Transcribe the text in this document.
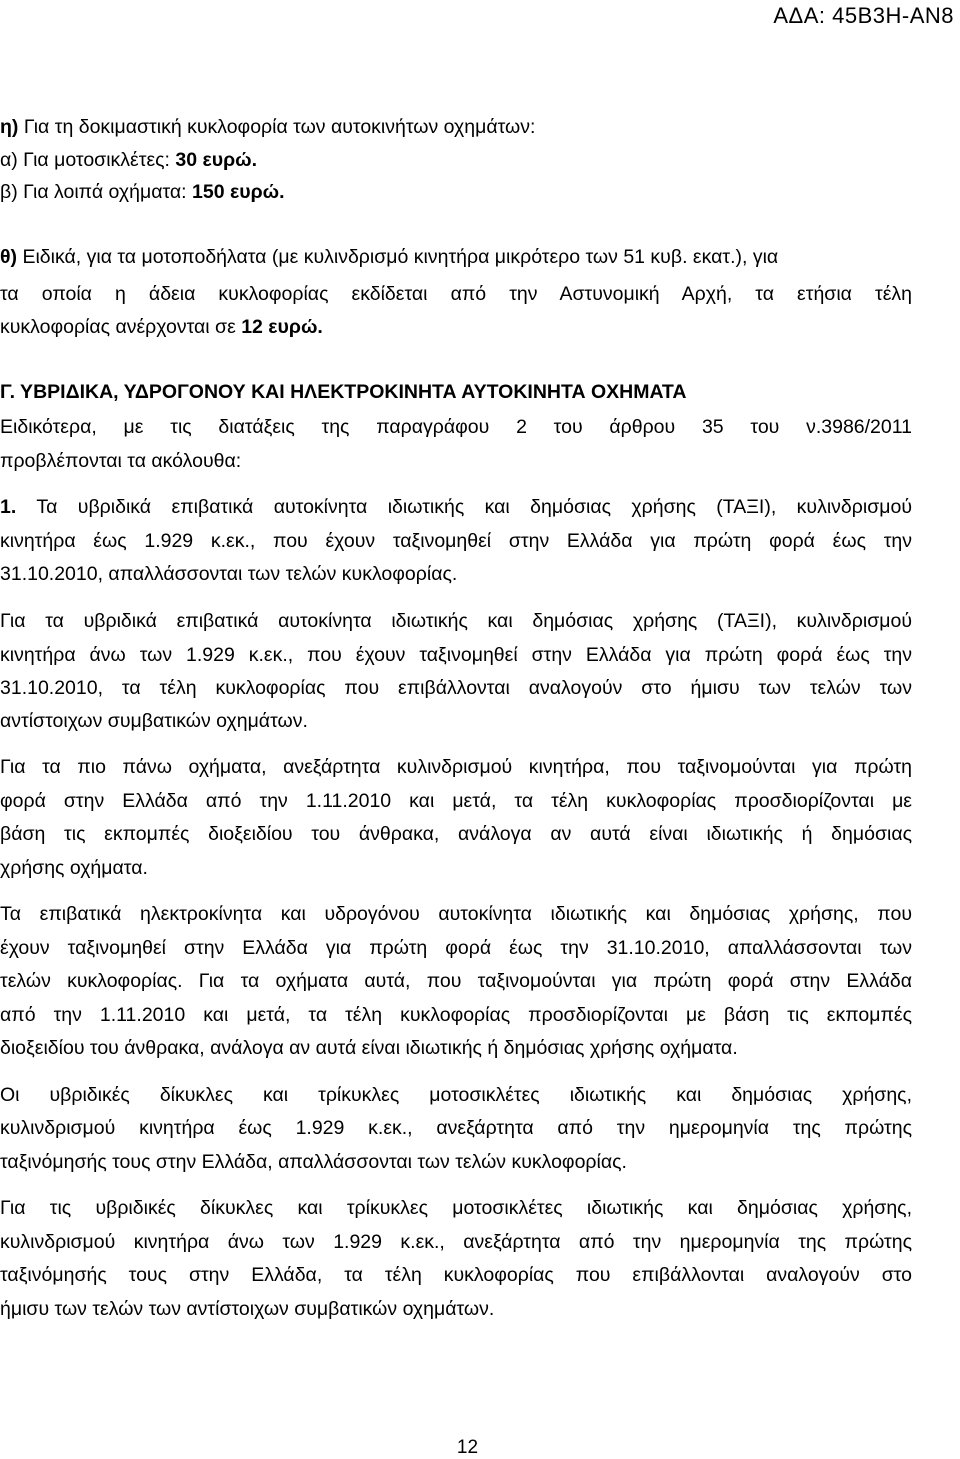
ΑΔΑ: 45Β3Η-ΑΝ8
η) Για τη δοκιμαστική κυκλοφορία των αυτοκινήτων οχημάτων:
α) Για μοτοσικλέτες: 30 ευρώ.
β) Για λοιπά οχήματα: 150 ευρώ.
θ) Ειδικά, για τα μοτοποδήλατα (με κυλινδρισμό κινητήρα μικρότερο των 51 κυβ. εκατ.), για
τα οποία η άδεια κυκλοφορίας εκδίδεται από την Αστυνομική Αρχή, τα ετήσια τέλη
κυκλοφορίας ανέρχονται σε 12 ευρώ.
Γ. ΥΒΡΙΔΙΚΑ, ΥΔΡΟΓΟΝΟΥ ΚΑΙ ΗΛΕΚΤΡΟΚΙΝΗΤΑ ΑΥΤΟΚΙΝΗΤΑ ΟΧΗΜΑΤΑ
Ειδικότερα, με τις διατάξεις της παραγράφου 2 του άρθρου 35 του ν.3986/2011
προβλέπονται τα ακόλουθα:
1. Τα υβριδικά επιβατικά αυτοκίνητα ιδιωτικής και δημόσιας χρήσης (ΤΑΞΙ), κυλινδρισμού
κινητήρα έως 1.929 κ.εκ., που έχουν ταξινομηθεί στην Ελλάδα για πρώτη φορά έως την
31.10.2010, απαλλάσσονται των τελών κυκλοφορίας.
Για τα υβριδικά επιβατικά αυτοκίνητα ιδιωτικής και δημόσιας χρήσης (ΤΑΞΙ), κυλινδρισμού
κινητήρα άνω των 1.929 κ.εκ., που έχουν ταξινομηθεί στην Ελλάδα για πρώτη φορά έως την
31.10.2010, τα τέλη κυκλοφορίας που επιβάλλονται αναλογούν στο ήμισυ των τελών των
αντίστοιχων συμβατικών οχημάτων.
Για τα πιο πάνω οχήματα, ανεξάρτητα κυλινδρισμού κινητήρα, που ταξινομούνται για πρώτη
φορά στην Ελλάδα από την 1.11.2010 και μετά, τα τέλη κυκλοφορίας προσδιορίζονται με
βάση τις εκπομπές διοξειδίου του άνθρακα, ανάλογα αν αυτά είναι ιδιωτικής ή δημόσιας
χρήσης οχήματα.
Τα επιβατικά ηλεκτροκίνητα και υδρογόνου αυτοκίνητα ιδιωτικής και δημόσιας χρήσης, που
έχουν ταξινομηθεί στην Ελλάδα για πρώτη φορά έως την 31.10.2010, απαλλάσσονται των
τελών κυκλοφορίας. Για τα οχήματα αυτά, που ταξινομούνται για πρώτη φορά στην Ελλάδα
από την 1.11.2010 και μετά, τα τέλη κυκλοφορίας προσδιορίζονται με βάση τις εκπομπές
διοξειδίου του άνθρακα, ανάλογα αν αυτά είναι ιδιωτικής ή δημόσιας χρήσης οχήματα.
Οι υβριδικές δίκυκλες και τρίκυκλες μοτοσικλέτες ιδιωτικής και δημόσιας χρήσης,
κυλινδρισμού κινητήρα έως 1.929 κ.εκ., ανεξάρτητα από την ημερομηνία της πρώτης
ταξινόμησής τους στην Ελλάδα, απαλλάσσονται των τελών κυκλοφορίας.
Για τις υβριδικές δίκυκλες και τρίκυκλες μοτοσικλέτες ιδιωτικής και δημόσιας χρήσης,
κυλινδρισμού κινητήρα άνω των 1.929 κ.εκ., ανεξάρτητα από την ημερομηνία της πρώτης
ταξινόμησής τους στην Ελλάδα, τα τέλη κυκλοφορίας που επιβάλλονται αναλογούν στο
ήμισυ των τελών των αντίστοιχων συμβατικών οχημάτων.
12
